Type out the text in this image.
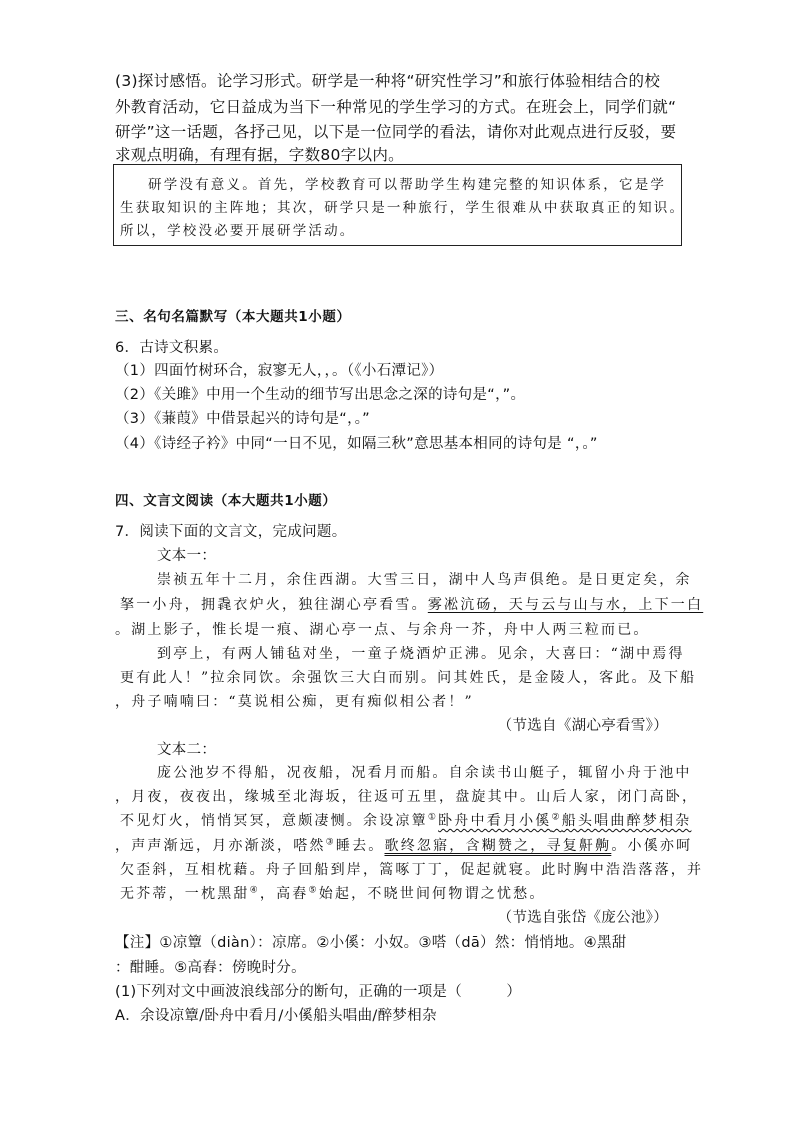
(3)探讨感悟。论学习形式。研学是一种将“研究性学习”和旅行体验相结合的校
外教育活动，它日益成为当下一种常见的学生学习的方式。在班会上，同学们就“
研学”这一话题，各抒己见，以下是一位同学的看法，请你对此观点进行反驳，要
求观点明确，有理有据，字数80字以内。
研学没有意义。首先，学校教育可以帮助学生构建完整的知识体系，它是学
生获取知识的主阵地；其次，研学只是一种旅行，学生很难从中获取真正的知识。
所以，学校没必要开展研学活动。
三、名句名篇默写（本大题共1小题）
6．古诗文积累。
（1）四面竹树环合，寂寥无人，，。（《小石潭记》）
（2）《关雎》中用一个生动的细节写出思念之深的诗句是“，”。
（3）《蒹葭》中借景起兴的诗句是“，。”
（4）《诗经子衿》中同“一日不见，如隔三秋”意思基本相同的诗句是 “，。”
四、文言文阅读（本大题共1小题）
7．阅读下面的文言文，完成问题。
文本一：
崇祯五年十二月，余住西湖。大雪三日，湖中人鸟声俱绝。是日更定矣，余
拏一小舟，拥毳衣炉火，独往湖心亭看雪。雾凇沆砀，天与云与山与水，上下一白
。湖上影子，惟长堤一痕、湖心亭一点、与余舟一芥，舟中人两三粒而已。
到亭上，有两人铺毡对坐，一童子烧酒炉正沸。见余，大喜曰：“湖中焉得
更有此人！”拉余同饮。余强饮三大白而别。问其姓氏，是金陵人，客此。及下船
，舟子喃喃曰：“莫说相公痴，更有痴似相公者！”
（节选自《湖心亭看雪》）
文本二：
庞公池岁不得船，况夜船，况看月而船。自余读书山艇子，辄留小舟于池中
，月夜，夜夜出，缘城至北海坂，往返可五里，盘旋其中。山后人家，闭门高卧，
不见灯火，悄悄冥冥，意颇凄恻。余设凉簟①卧舟中看月小傒②船头唱曲醉梦相杂
，声声渐远，月亦渐淡，嗒然③睡去。歌终忽寤，含糊赞之，寻复鼾齁。小傒亦呵
欠歪斜，互相枕藉。舟子回船到岸，篙啄丁丁，促起就寝。此时胸中浩浩落落，并
无芥蒂，一枕黑甜④，高舂⑤始起，不晓世间何物谓之忧愁。
（节选自张岱《庞公池》）
【注】①凉簟（diàn）：凉席。②小傒：小奴。③嗒（dā）然：悄悄地。④黑甜
：酣睡。⑤高舂：傍晚时分。
(1)下列对文中画波浪线部分的断句，正确的一项是（　　　）
A．余设凉簟/卧舟中看月/小傒船头唱曲/醉梦相杂
